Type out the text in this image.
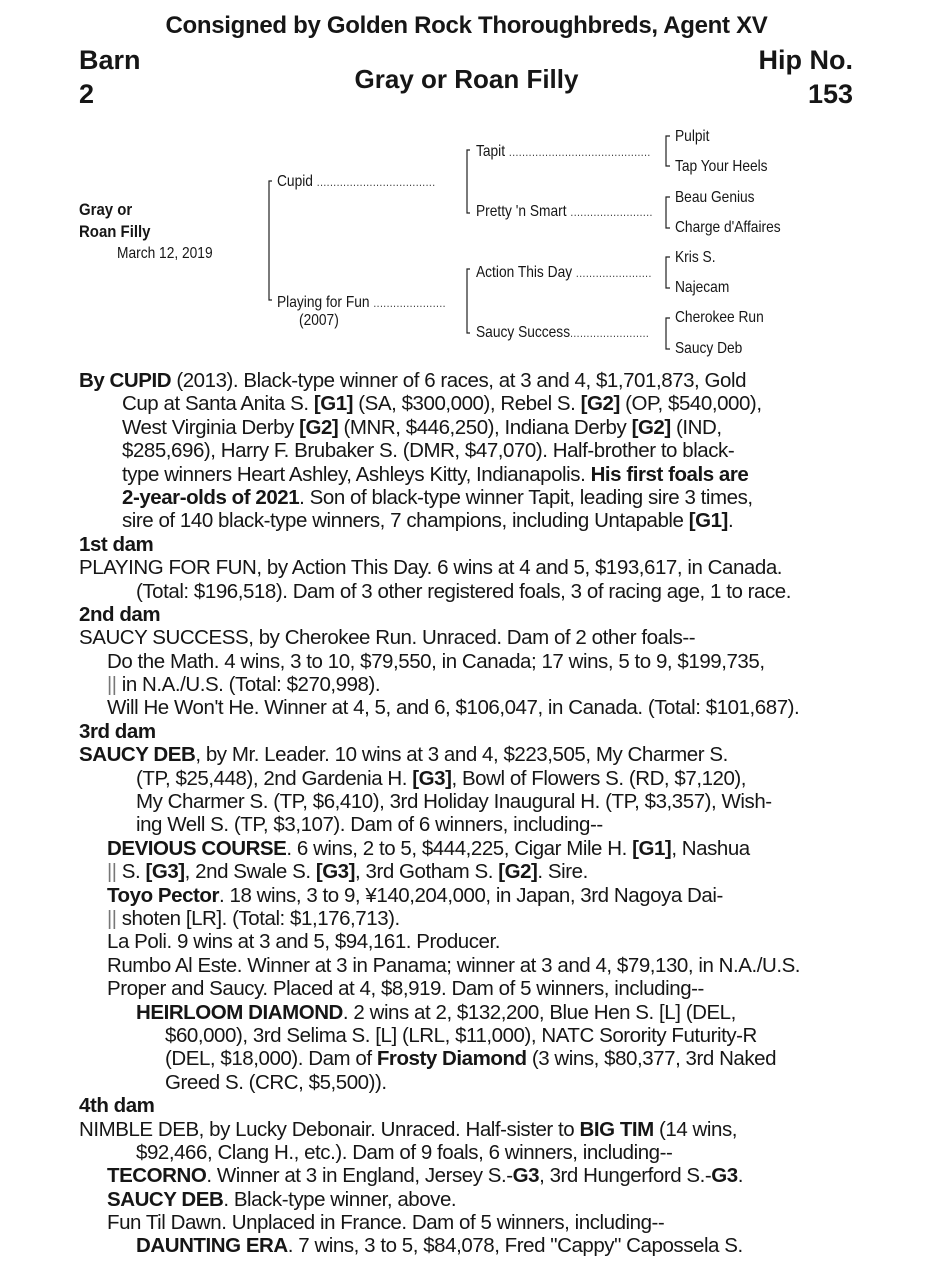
Consigned by Golden Rock Thoroughbreds, Agent XV
Barn
2
Hip No.
153
Gray or Roan Filly
Gray or
Roan Filly
March 12, 2019
Cupid ....................................
Playing for Fun ......................
(2007)
Tapit ...........................................
Pretty 'n Smart .........................
Action This Day .......................
Saucy Success........................
Pulpit
Tap Your Heels
Beau Genius
Charge d'Affaires
Kris S.
Najecam
Cherokee Run
Saucy Deb
By CUPID (2013). Black-type winner of 6 races, at 3 and 4, $1,701,873, Gold
Cup at Santa Anita S. [G1] (SA, $300,000), Rebel S. [G2] (OP, $540,000),
West Virginia Derby [G2] (MNR, $446,250), Indiana Derby [G2] (IND,
$285,696), Harry F. Brubaker S. (DMR, $47,070). Half-brother to black-
type winners Heart Ashley, Ashleys Kitty, Indianapolis. His first foals are
2-year-olds of 2021. Son of black-type winner Tapit, leading sire 3 times,
sire of 140 black-type winners, 7 champions, including Untapable [G1].
1st dam
PLAYING FOR FUN, by Action This Day. 6 wins at 4 and 5, $193,617, in Canada.
(Total: $196,518). Dam of 3 other registered foals, 3 of racing age, 1 to race.
2nd dam
SAUCY SUCCESS, by Cherokee Run. Unraced. Dam of 2 other foals--
Do the Math. 4 wins, 3 to 10, $79,550, in Canada; 17 wins, 5 to 9, $199,735,
|| in N.A./U.S. (Total: $270,998).
Will He Won't He. Winner at 4, 5, and 6, $106,047, in Canada. (Total: $101,687).
3rd dam
SAUCY DEB, by Mr. Leader. 10 wins at 3 and 4, $223,505, My Charmer S.
(TP, $25,448), 2nd Gardenia H. [G3], Bowl of Flowers S. (RD, $7,120),
My Charmer S. (TP, $6,410), 3rd Holiday Inaugural H. (TP, $3,357), Wish-
ing Well S. (TP, $3,107). Dam of 6 winners, including--
DEVIOUS COURSE. 6 wins, 2 to 5, $444,225, Cigar Mile H. [G1], Nashua
|| S. [G3], 2nd Swale S. [G3], 3rd Gotham S. [G2]. Sire.
Toyo Pector. 18 wins, 3 to 9, ¥140,204,000, in Japan, 3rd Nagoya Dai-
|| shoten [LR]. (Total: $1,176,713).
La Poli. 9 wins at 3 and 5, $94,161. Producer.
Rumbo Al Este. Winner at 3 in Panama; winner at 3 and 4, $79,130, in N.A./U.S.
Proper and Saucy. Placed at 4, $8,919. Dam of 5 winners, including--
HEIRLOOM DIAMOND. 2 wins at 2, $132,200, Blue Hen S. [L] (DEL,
$60,000), 3rd Selima S. [L] (LRL, $11,000), NATC Sorority Futurity-R
(DEL, $18,000). Dam of Frosty Diamond (3 wins, $80,377, 3rd Naked
Greed S. (CRC, $5,500)).
4th dam
NIMBLE DEB, by Lucky Debonair. Unraced. Half-sister to BIG TIM (14 wins,
$92,466, Clang H., etc.). Dam of 9 foals, 6 winners, including--
TECORNO. Winner at 3 in England, Jersey S.-G3, 3rd Hungerford S.-G3.
SAUCY DEB. Black-type winner, above.
Fun Til Dawn. Unplaced in France. Dam of 5 winners, including--
DAUNTING ERA. 7 wins, 3 to 5, $84,078, Fred "Cappy" Capossela S.
